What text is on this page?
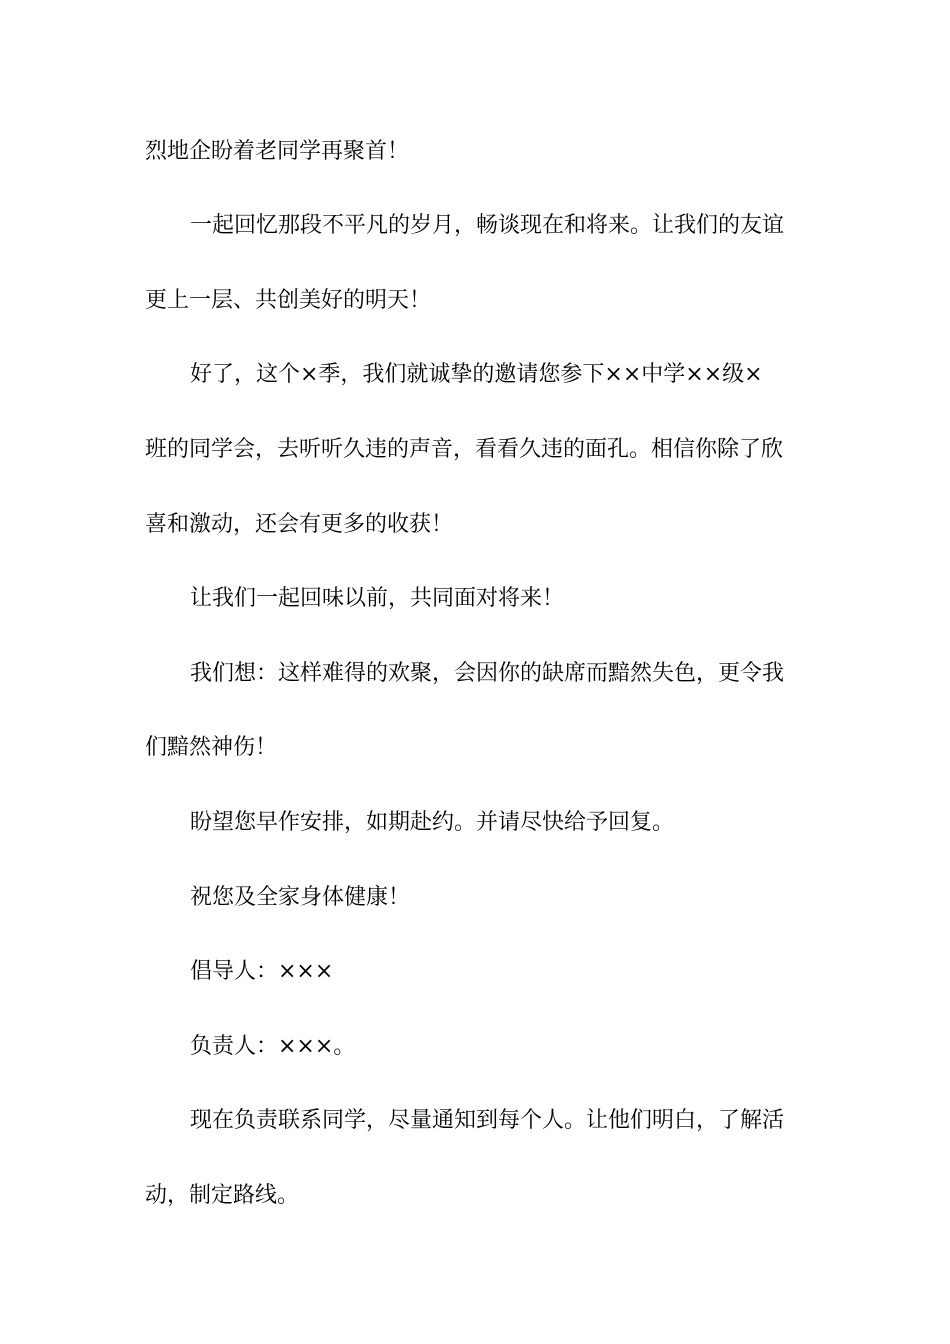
烈地企盼着老同学再聚首！

一起回忆那段不平凡的岁月，畅谈现在和将来。让我们的友谊

更上一层、共创美好的明天！

好了，这个×季，我们就诚挚的邀请您参下××中学××级×

班的同学会，去听听久违的声音，看看久违的面孔。相信你除了欣

喜和激动，还会有更多的收获！

让我们一起回味以前，共同面对将来！

我们想：这样难得的欢聚，会因你的缺席而黯然失色，更令我

们黯然神伤！

盼望您早作安排，如期赴约。并请尽快给予回复。

祝您及全家身体健康！

倡导人：×××

负责人：×××。

现在负责联系同学，尽量通知到每个人。让他们明白，了解活

动，制定路线。
